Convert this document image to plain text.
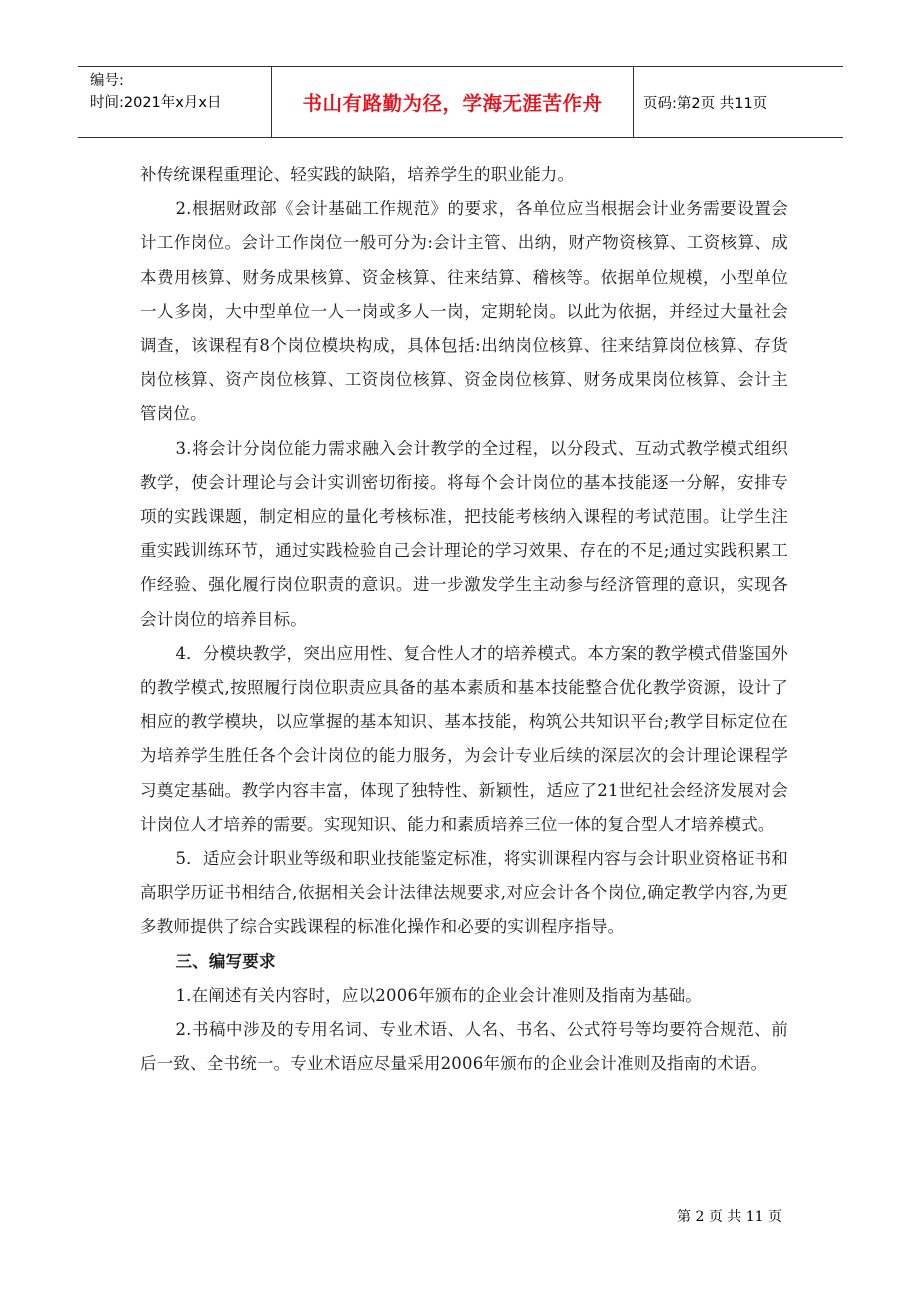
编号:
时间:2021年x月x日	书山有路勤为径，学海无涯苦作舟	页码:第2页 共11页

补传统课程重理论、轻实践的缺陷，培养学生的职业能力。

2.根据财政部《会计基础工作规范》的要求，各单位应当根据会计业务需要设置会计工作岗位。会计工作岗位一般可分为:会计主管、出纳，财产物资核算、工资核算、成本费用核算、财务成果核算、资金核算、往来结算、稽核等。依据单位规模，小型单位一人多岗，大中型单位一人一岗或多人一岗，定期轮岗。以此为依据，并经过大量社会调查，该课程有8个岗位模块构成，具体包括:出纳岗位核算、往来结算岗位核算、存货岗位核算、资产岗位核算、工资岗位核算、资金岗位核算、财务成果岗位核算、会计主管岗位。

3.将会计分岗位能力需求融入会计教学的全过程，以分段式、互动式教学模式组织教学，使会计理论与会计实训密切衔接。将每个会计岗位的基本技能逐一分解，安排专项的实践课题，制定相应的量化考核标准，把技能考核纳入课程的考试范围。让学生注重实践训练环节，通过实践检验自己会计理论的学习效果、存在的不足;通过实践积累工作经验、强化履行岗位职责的意识。进一步激发学生主动参与经济管理的意识，实现各会计岗位的培养目标。

4．分模块教学，突出应用性、复合性人才的培养模式。本方案的教学模式借鉴国外的教学模式,按照履行岗位职责应具备的基本素质和基本技能整合优化教学资源，设计了相应的教学模块，以应掌握的基本知识、基本技能，构筑公共知识平台;教学目标定位在为培养学生胜任各个会计岗位的能力服务，为会计专业后续的深层次的会计理论课程学习奠定基础。教学内容丰富，体现了独特性、新颖性，适应了21世纪社会经济发展对会计岗位人才培养的需要。实现知识、能力和素质培养三位一体的复合型人才培养模式。

5．适应会计职业等级和职业技能鉴定标准，将实训课程内容与会计职业资格证书和高职学历证书相结合,依据相关会计法律法规要求,对应会计各个岗位,确定教学内容,为更多教师提供了综合实践课程的标准化操作和必要的实训程序指导。

三、编写要求

1.在阐述有关内容时，应以2006年颁布的企业会计准则及指南为基础。

2.书稿中涉及的专用名词、专业术语、人名、书名、公式符号等均要符合规范、前后一致、全书统一。专业术语应尽量采用2006年颁布的企业会计准则及指南的术语。

第 2 页 共 11 页
